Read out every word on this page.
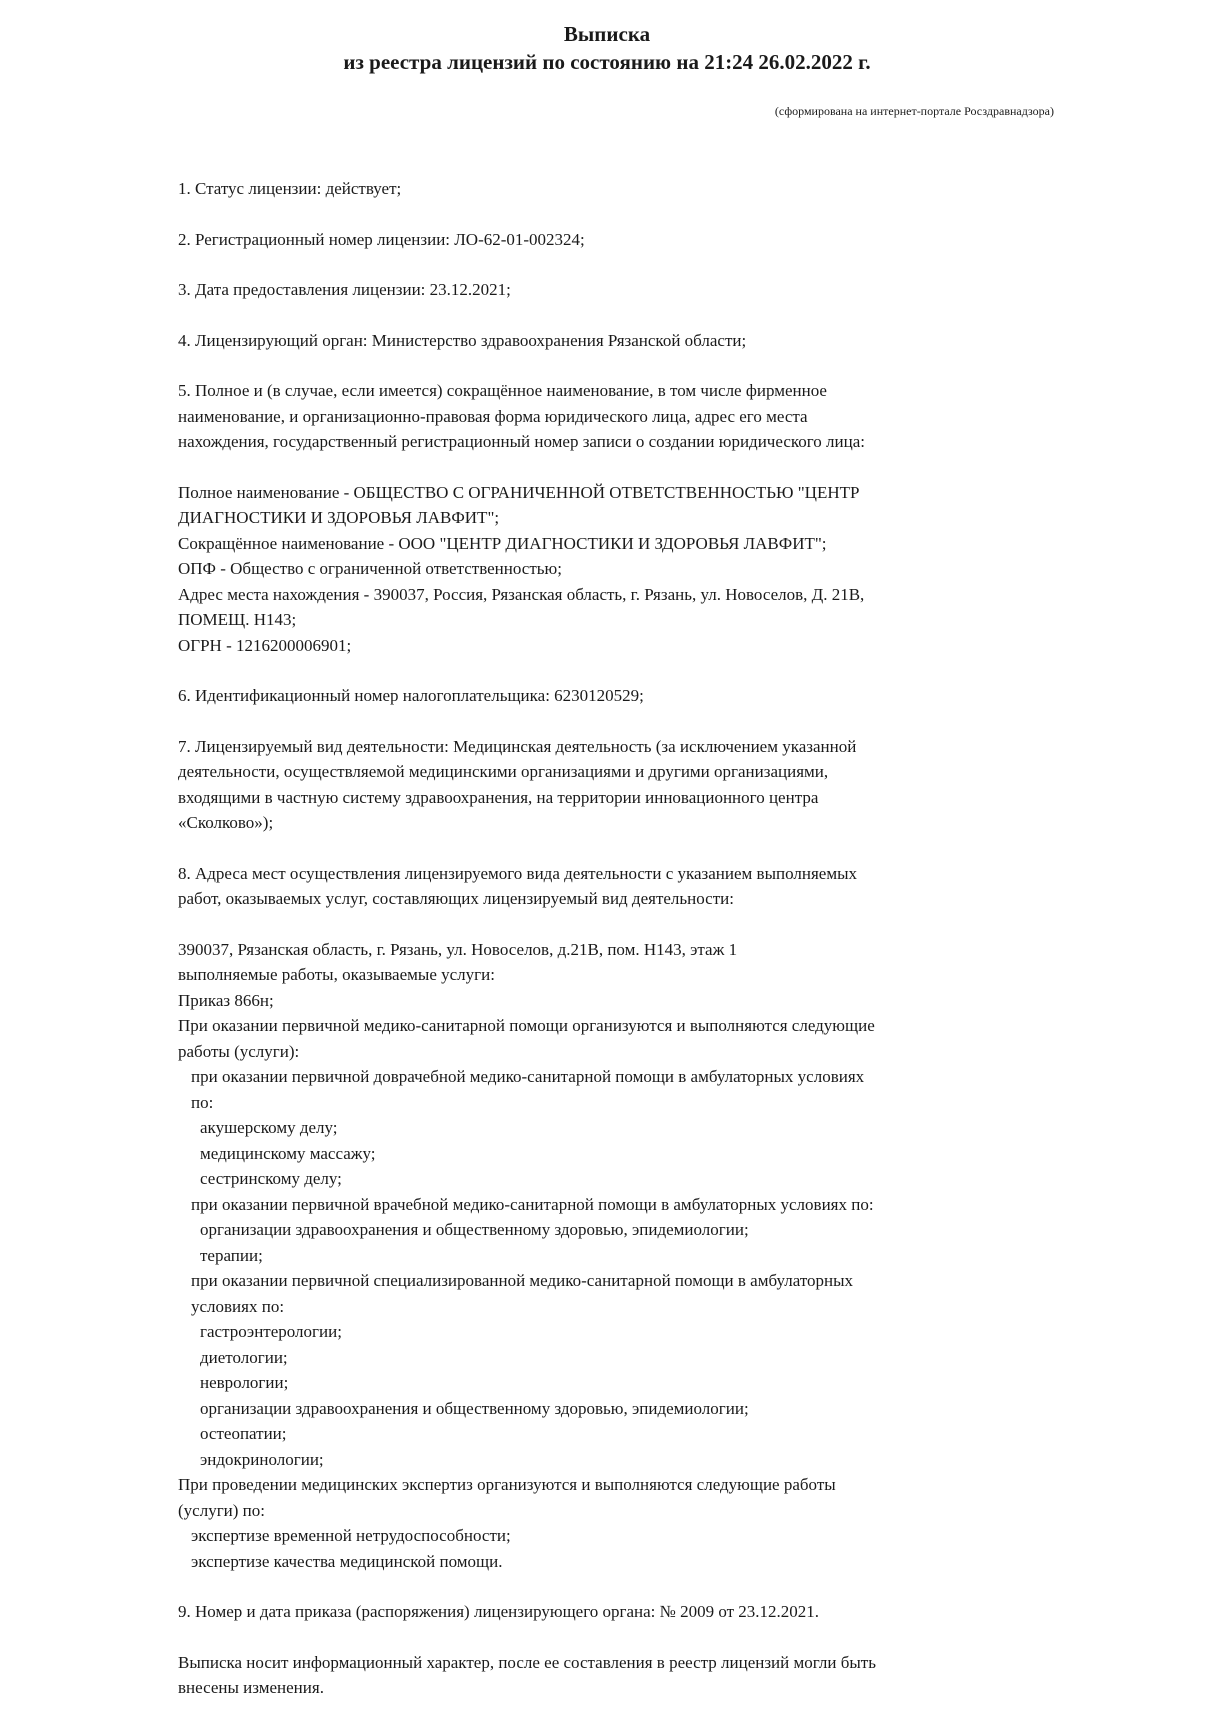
Выписка
из реестра лицензий по состоянию на 21:24 26.02.2022 г.
(сформирована на интернет-портале Росздравнадзора)

1. Статус лицензии: действует;

2. Регистрационный номер лицензии: ЛО-62-01-002324;

3. Дата предоставления лицензии: 23.12.2021;

4. Лицензирующий орган: Министерство здравоохранения Рязанской области;

5. Полное и (в случае, если имеется) сокращённое наименование, в том числе фирменное
наименование, и организационно-правовая форма юридического лица, адрес его места
нахождения, государственный регистрационный номер записи о создании юридического лица:

Полное наименование - ОБЩЕСТВО С ОГРАНИЧЕННОЙ ОТВЕТСТВЕННОСТЬЮ "ЦЕНТР
ДИАГНОСТИКИ И ЗДОРОВЬЯ ЛАВФИТ";

Сокращённое наименование - ООО "ЦЕНТР ДИАГНОСТИКИ И ЗДОРОВЬЯ ЛАВФИТ";

ОПФ - Общество с ограниченной ответственностью;

Адрес места нахождения - 390037, Россия, Рязанская область, г. Рязань, ул. Новоселов, Д. 21В,
ПОМЕЩ. Н143;

ОГРН - 1216200006901;

6. Идентификационный номер налогоплательщика: 6230120529;

7. Лицензируемый вид деятельности: Медицинская деятельность (за исключением указанной
деятельности, осуществляемой медицинскими организациями и другими организациями,
входящими в частную систему здравоохранения, на территории инновационного центра
«Сколково»);

8. Адреса мест осуществления лицензируемого вида деятельности с указанием выполняемых
работ, оказываемых услуг, составляющих лицензируемый вид деятельности:

390037, Рязанская область, г. Рязань, ул. Новоселов, д.21В, пом. Н143, этаж 1

выполняемые работы, оказываемые услуги:

Приказ 866н;

При оказании первичной медико-санитарной помощи организуются и выполняются следующие
работы (услуги):

при оказании первичной доврачебной медико-санитарной помощи в амбулаторных условиях
по:

акушерскому делу;

медицинскому массажу;

сестринскому делу;

при оказании первичной врачебной медико-санитарной помощи в амбулаторных условиях по:

организации здравоохранения и общественному здоровью, эпидемиологии;

терапии;

при оказании первичной специализированной медико-санитарной помощи в амбулаторных
условиях по:

гастроэнтерологии;

диетологии;

неврологии;

организации здравоохранения и общественному здоровью, эпидемиологии;

остеопатии;

эндокринологии;

При проведении медицинских экспертиз организуются и выполняются следующие работы
(услуги) по:

экспертизе временной нетрудоспособности;

экспертизе качества медицинской помощи.

9. Номер и дата приказа (распоряжения) лицензирующего органа: № 2009 от 23.12.2021.

Выписка носит информационный характер, после ее составления в реестр лицензий могли быть
внесены изменения.
